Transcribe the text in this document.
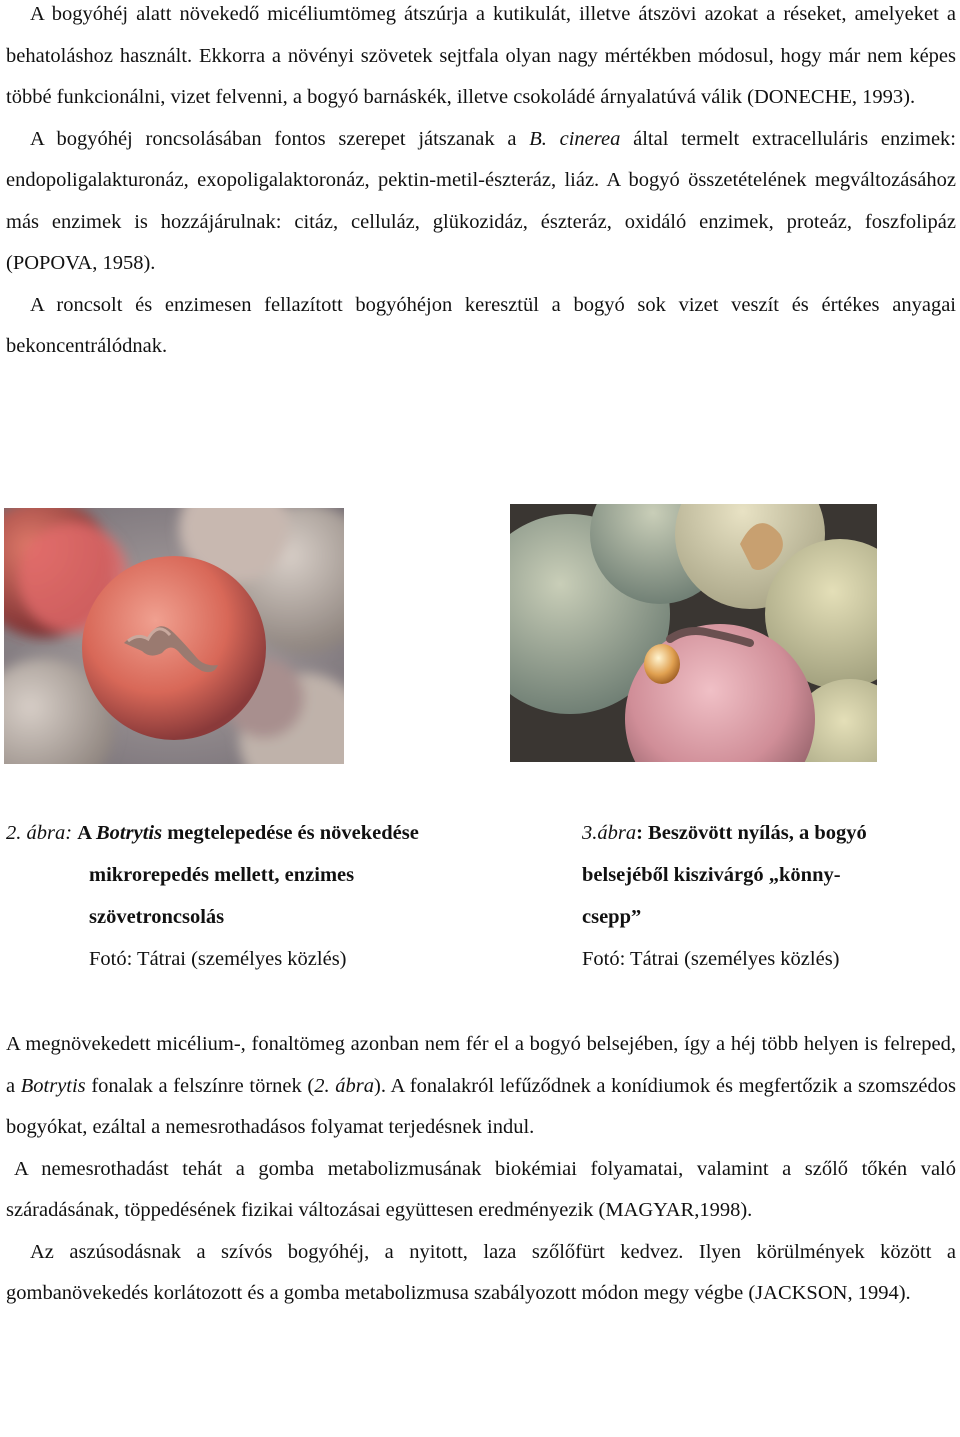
A bogyóhéj alatt növekedő micéliumtömeg átszúrja a kutikulát, illetve átszövi azokat a réseket, amelyeket a behatoláshoz használt. Ekkorra a növényi szövetek sejtfala olyan nagy mértékben módosul, hogy már nem képes többé funkcionálni, vizet felvenni, a bogyó barnáskék, illetve csokoládé árnyalatúvá válik (DONECHE, 1993).

A bogyóhéj roncsolásában fontos szerepet játszanak a B. cinerea által termelt extracelluláris enzimek: endopoligalakturonáz, exopoligalaktoronáz, pektin-metil-észteráz, liáz. A bogyó összetételének megváltozásához más enzimek is hozzájárulnak: citáz, celluláz, glükozidáz, észteráz, oxidáló enzimek, proteáz, foszfolipáz (POPOVA, 1958).

A roncsolt és enzimesen fellazított bogyóhéjon keresztül a bogyó sok vizet veszít és értékes anyagai bekoncentrálódnak.

2. ábra: A Botrytis megtelepedése és növekedése
mikrorepedés mellett, enzimes
szövetroncsolás
Fotó: Tátrai (személyes közlés)
3.ábra: Beszövött nyílás, a bogyó
belsejéből kiszivárgó „könny-
csepp”
Fotó: Tátrai (személyes közlés)

A megnövekedett micélium-, fonaltömeg azonban nem fér el a bogyó belsejében, így a héj több helyen is felreped, a Botrytis fonalak a felszínre törnek (2. ábra). A fonalakról lefűződnek a konídiumok és megfertőzik a szomszédos bogyókat, ezáltal a nemesrothadásos folyamat terjedésnek indul.

A nemesrothadást tehát a gomba metabolizmusának biokémiai folyamatai, valamint a szőlő tőkén való száradásának, töppedésének fizikai változásai együttesen eredményezik (MAGYAR,1998).

Az aszúsodásnak a szívós bogyóhéj, a nyitott, laza szőlőfürt kedvez. Ilyen körülmények között a gombanövekedés korlátozott és a gomba metabolizmusa szabályozott módon megy végbe (JACKSON, 1994).
